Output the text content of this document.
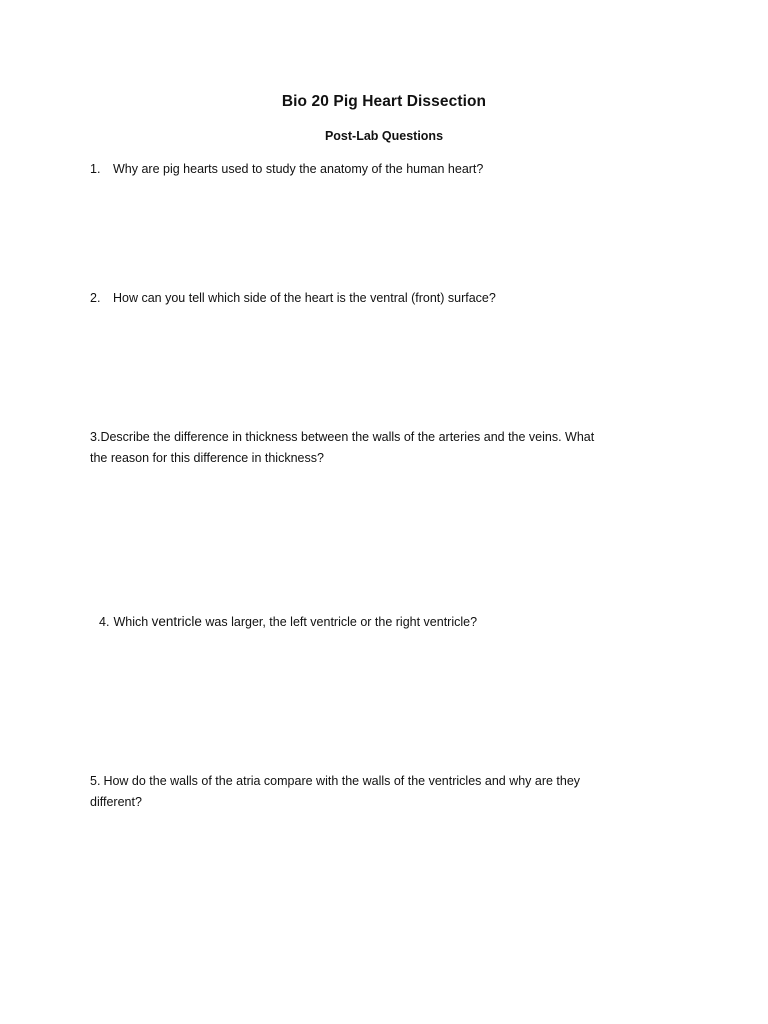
Bio 20 Pig Heart Dissection
Post-Lab Questions
1. Why are pig hearts used to study the anatomy of the human heart?
2. How can you tell which side of the heart is the ventral (front) surface?
3.Describe the difference in thickness between the walls of the arteries and the veins. What
the reason for this difference in thickness?
4. Which ventricle was larger, the left ventricle or the right ventricle?
5. How do the walls of the atria compare with the walls of the ventricles and why are they
different?
